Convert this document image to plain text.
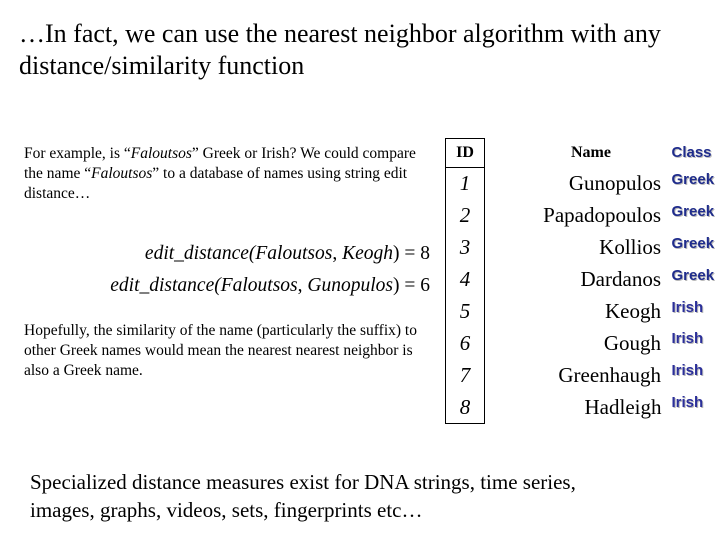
…In fact, we can use the nearest neighbor algorithm with any
distance/similarity function
For example, is “Faloutsos” Greek or Irish? We could compare the name “Faloutsos” to a database of names using string edit distance…
edit_distance(Faloutsos, Keogh) = 8
edit_distance(Faloutsos, Gunopulos) = 6
Hopefully, the similarity of the name (particularly the suffix) to other Greek names would mean the nearest nearest neighbor is also a Greek name.
ID	Name	Class
1	Gunopulos	Greek
2	Papadopoulos	Greek
3	Kollios	Greek
4	Dardanos	Greek
5	Keogh	Irish
6	Gough	Irish
7	Greenhaugh	Irish
8	Hadleigh	Irish
Specialized distance measures exist for DNA strings, time series,
images, graphs, videos, sets, fingerprints etc…
